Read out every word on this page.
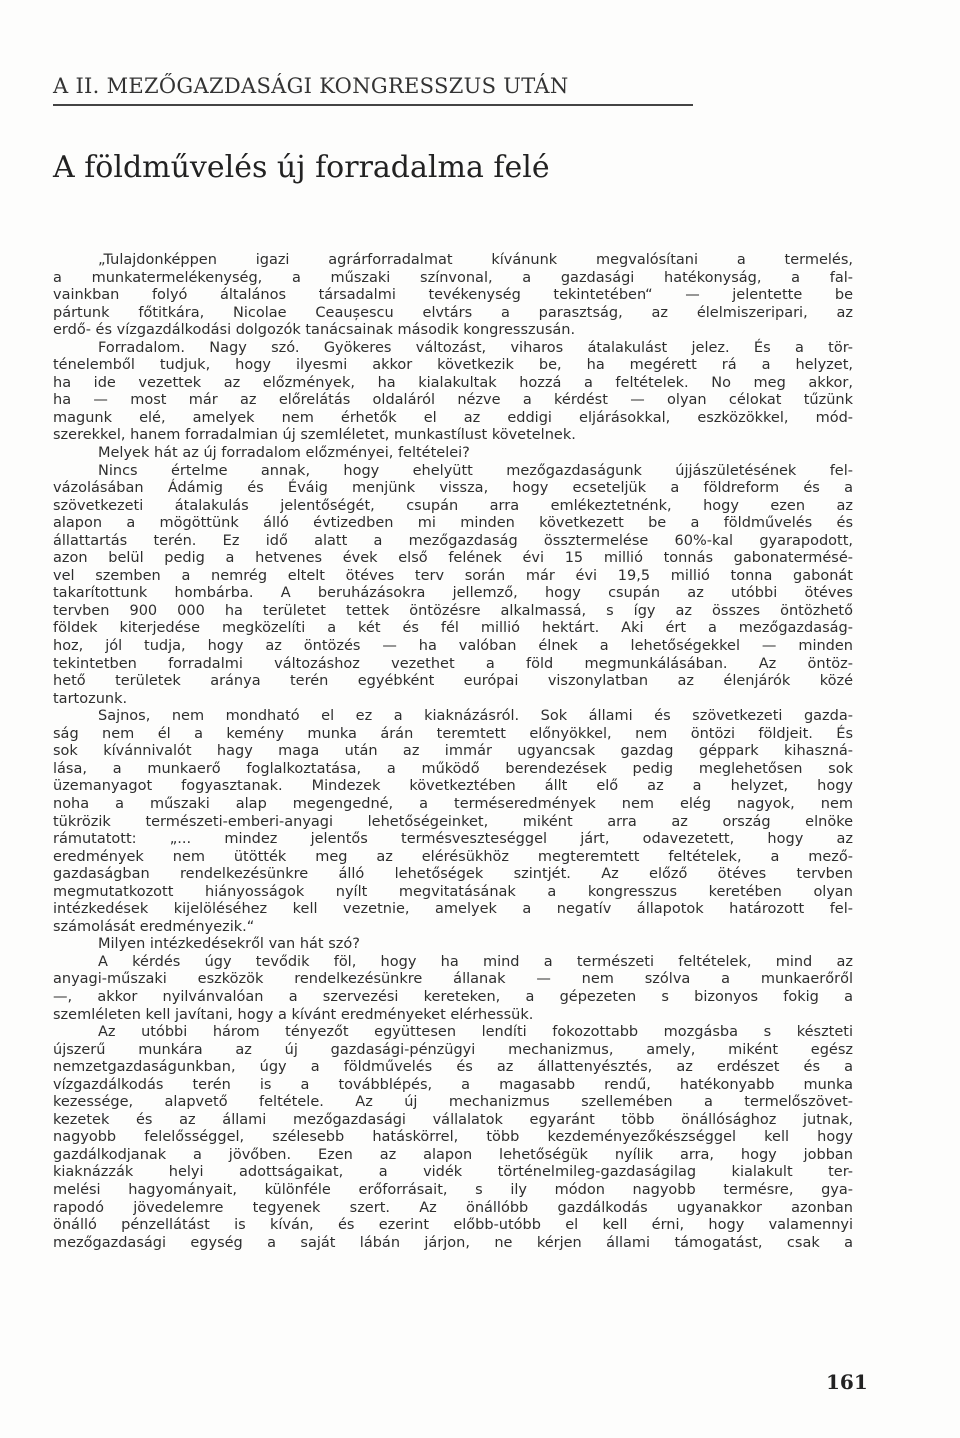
A II. MEZŐGAZDASÁGI KONGRESSZUS UTÁN
A földművelés új forradalma felé
„Tulajdonképpen igazi agrárforradalmat kívánunk megvalósítani a termelés,
a munkatermelékenység, a műszaki színvonal, a gazdasági hatékonyság, a fal-
vainkban folyó általános társadalmi tevékenység tekintetében“ — jelentette be
pártunk főtitkára, Nicolae Ceaușescu elvtárs a parasztság, az élelmiszeripari, az
erdő- és vízgazdálkodási dolgozók tanácsainak második kongresszusán.
Forradalom. Nagy szó. Gyökeres változást, viharos átalakulást jelez. És a tör-
ténelemből tudjuk, hogy ilyesmi akkor következik be, ha megérett rá a helyzet,
ha ide vezettek az előzmények, ha kialakultak hozzá a feltételek. No meg akkor,
ha — most már az előrelátás oldaláról nézve a kérdést — olyan célokat tűzünk
magunk elé, amelyek nem érhetők el az eddigi eljárásokkal, eszközökkel, mód-
szerekkel, hanem forradalmian új szemléletet, munkastílust követelnek.
Melyek hát az új forradalom előzményei, feltételei?
Nincs értelme annak, hogy ehelyütt mezőgazdaságunk újjászületésének fel-
vázolásában Ádámig és Éváig menjünk vissza, hogy ecseteljük a földreform és a
szövetkezeti átalakulás jelentőségét, csupán arra emlékeztetnénk, hogy ezen az
alapon a mögöttünk álló évtizedben mi minden következett be a földművelés és
állattartás terén. Ez idő alatt a mezőgazdaság össztermelése 60%-kal gyarapodott,
azon belül pedig a hetvenes évek első felének évi 15 millió tonnás gabonatermésé-
vel szemben a nemrég eltelt ötéves terv során már évi 19,5 millió tonna gabonát
takarítottunk hombárba. A beruházásokra jellemző, hogy csupán az utóbbi ötéves
tervben 900 000 ha területet tettek öntözésre alkalmassá, s így az összes öntözhető
földek kiterjedése megközelíti a két és fél millió hektárt. Aki ért a mezőgazdaság-
hoz, jól tudja, hogy az öntözés — ha valóban élnek a lehetőségekkel — minden
tekintetben forradalmi változáshoz vezethet a föld megmunkálásában. Az öntöz-
hető területek aránya terén egyébként európai viszonylatban az élenjárók közé
tartozunk.
Sajnos, nem mondható el ez a kiaknázásról. Sok állami és szövetkezeti gazda-
ság nem él a kemény munka árán teremtett előnyökkel, nem öntözi földjeit. És
sok kívánnivalót hagy maga után az immár ugyancsak gazdag géppark kihaszná-
lása, a munkaerő foglalkoztatása, a működő berendezések pedig meglehetősen sok
üzemanyagot fogyasztanak. Mindezek következtében állt elő az a helyzet, hogy
noha a műszaki alap megengedné, a terméseredmények nem elég nagyok, nem
tükrözik természeti-emberi-anyagi lehetőségeinket, miként arra az ország elnöke
rámutatott: „... mindez jelentős termésveszteséggel járt, odavezetett, hogy az
eredmények nem ütötték meg az elérésükhöz megteremtett feltételek, a mező-
gazdaságban rendelkezésünkre álló lehetőségek szintjét. Az előző ötéves tervben
megmutatkozott hiányosságok nyílt megvitatásának a kongresszus keretében olyan
intézkedések kijelöléséhez kell vezetnie, amelyek a negatív állapotok határozott fel-
számolását eredményezik.“
Milyen intézkedésekről van hát szó?
A kérdés úgy tevődik föl, hogy ha mind a természeti feltételek, mind az
anyagi-műszaki eszközök rendelkezésünkre állanak — nem szólva a munkaerőről
—, akkor nyilvánvalóan a szervezési kereteken, a gépezeten s bizonyos fokig a
szemléleten kell javítani, hogy a kívánt eredményeket elérhessük.
Az utóbbi három tényezőt együttesen lendíti fokozottabb mozgásba s készteti
újszerű munkára az új gazdasági-pénzügyi mechanizmus, amely, miként egész
nemzetgazdaságunkban, úgy a földművelés és az állattenyésztés, az erdészet és a
vízgazdálkodás terén is a továbblépés, a magasabb rendű, hatékonyabb munka
kezessége, alapvető feltétele. Az új mechanizmus szellemében a termelőszövet-
kezetek és az állami mezőgazdasági vállalatok egyaránt több önállósághoz jutnak,
nagyobb felelősséggel, szélesebb hatáskörrel, több kezdeményezőkészséggel kell hogy
gazdálkodjanak a jövőben. Ezen az alapon lehetőségük nyílik arra, hogy jobban
kiaknázzák helyi adottságaikat, a vidék történelmileg-gazdaságilag kialakult ter-
melési hagyományait, különféle erőforrásait, s ily módon nagyobb termésre, gya-
rapodó jövedelemre tegyenek szert. Az önállóbb gazdálkodás ugyanakkor azonban
önálló pénzellátást is kíván, és ezerint előbb-utóbb el kell érni, hogy valamennyi
mezőgazdasági egység a saját lábán járjon, ne kérjen állami támogatást, csak a
161
